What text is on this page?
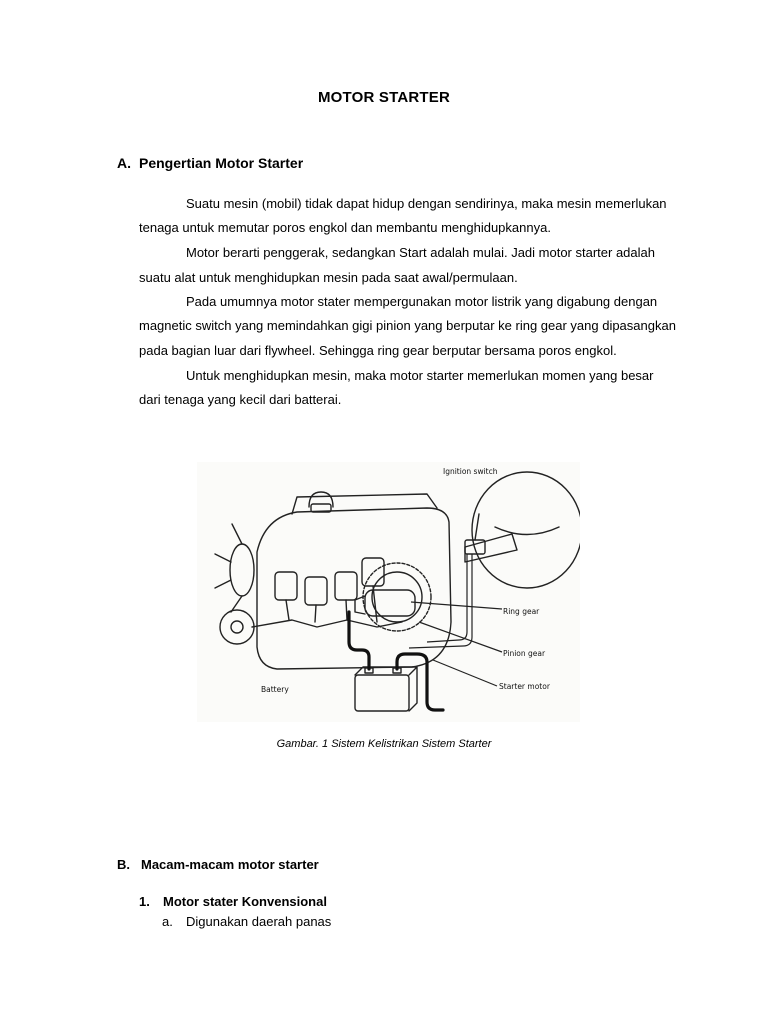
MOTOR STARTER
A. Pengertian Motor Starter
Suatu mesin (mobil) tidak dapat hidup dengan sendirinya, maka mesin memerlukan
tenaga untuk memutar poros engkol dan membantu menghidupkannya.
Motor berarti penggerak, sedangkan Start adalah mulai. Jadi motor starter adalah
suatu alat untuk menghidupkan mesin pada saat awal/permulaan.
Pada umumnya motor stater mempergunakan motor listrik yang digabung dengan
magnetic switch yang memindahkan gigi pinion yang berputar ke ring gear yang dipasangkan
pada bagian luar dari flywheel. Sehingga ring gear berputar bersama poros engkol.
Untuk menghidupkan mesin, maka motor starter memerlukan momen yang besar
dari tenaga yang kecil dari batterai.
Ignition switch
Ring gear
Pinion gear
Starter motor
Battery
Gambar. 1 Sistem Kelistrikan Sistem Starter
B. Macam-macam motor starter
1. Motor stater Konvensional
a. Digunakan daerah panas
